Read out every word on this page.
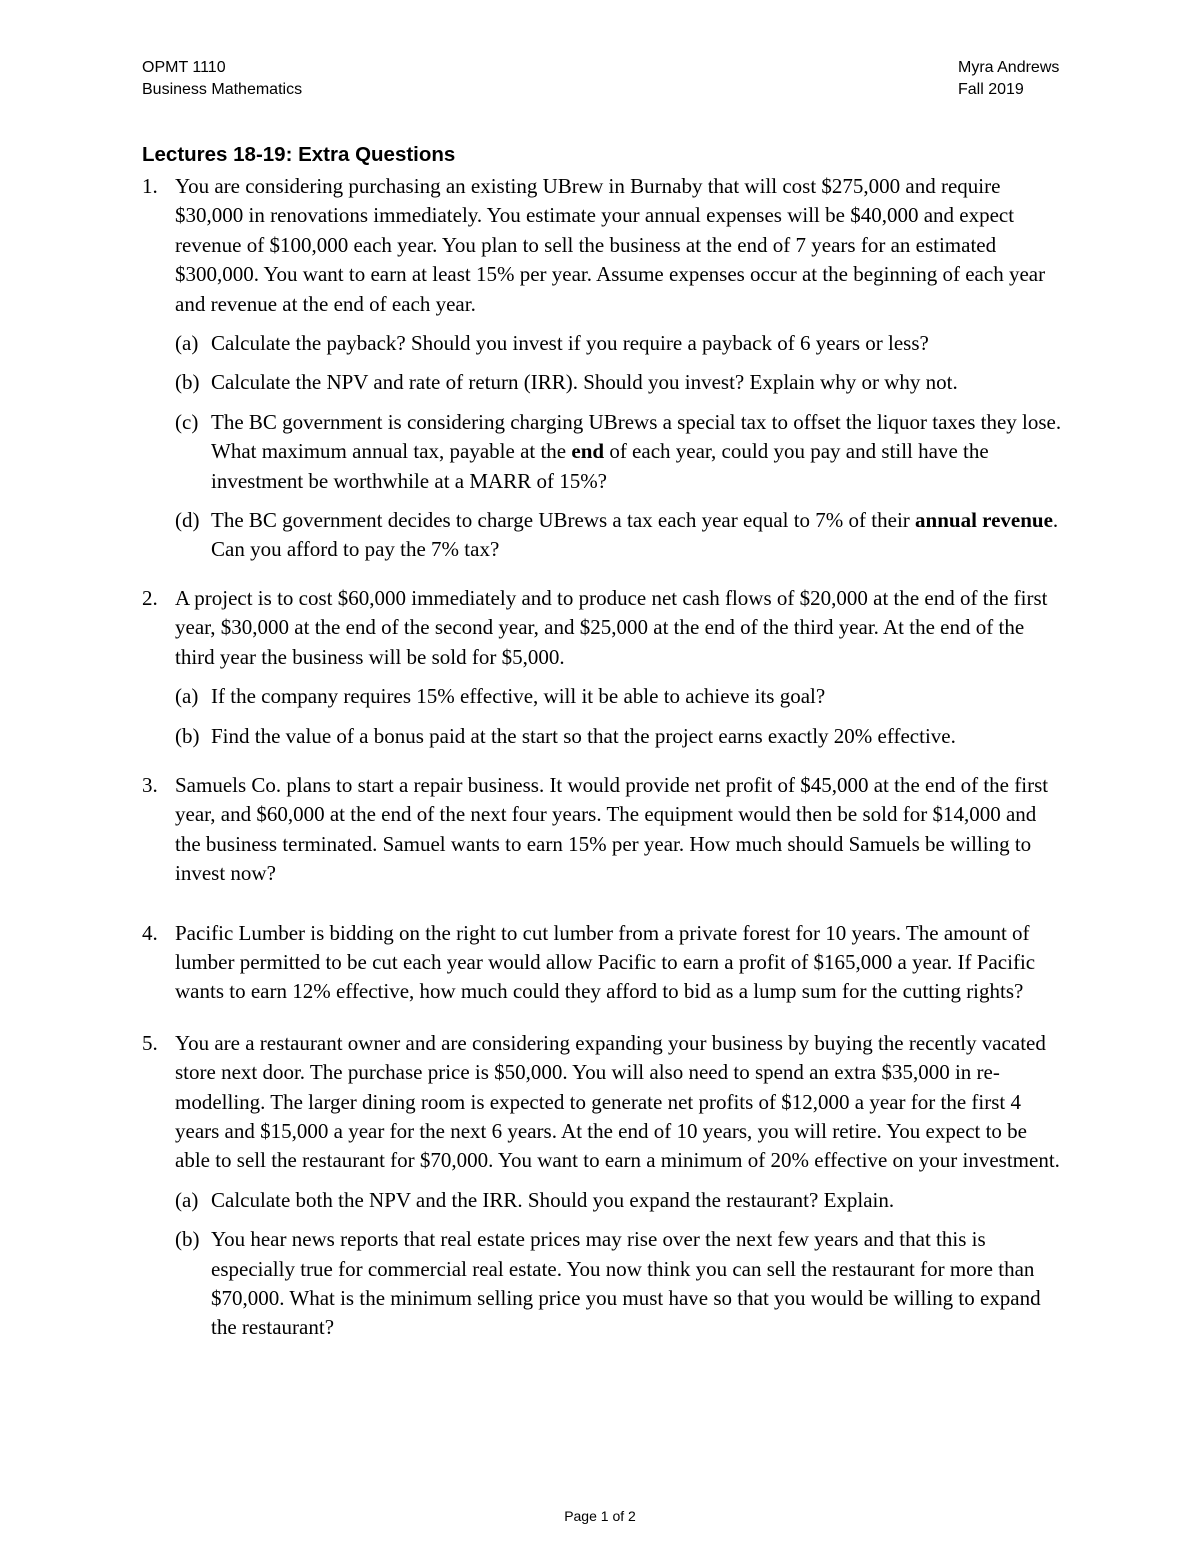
OPMT 1110
Business Mathematics
Myra Andrews
Fall 2019
Lectures 18-19: Extra Questions
1. You are considering purchasing an existing UBrew in Burnaby that will cost $275,000 and require $30,000 in renovations immediately. You estimate your annual expenses will be $40,000 and expect revenue of $100,000 each year. You plan to sell the business at the end of 7 years for an estimated $300,000. You want to earn at least 15% per year. Assume expenses occur at the beginning of each year and revenue at the end of each year.
(a) Calculate the payback? Should you invest if you require a payback of 6 years or less?
(b) Calculate the NPV and rate of return (IRR). Should you invest? Explain why or why not.
(c) The BC government is considering charging UBrews a special tax to offset the liquor taxes they lose. What maximum annual tax, payable at the end of each year, could you pay and still have the investment be worthwhile at a MARR of 15%?
(d) The BC government decides to charge UBrews a tax each year equal to 7% of their annual revenue. Can you afford to pay the 7% tax?
2. A project is to cost $60,000 immediately and to produce net cash flows of $20,000 at the end of the first year, $30,000 at the end of the second year, and $25,000 at the end of the third year. At the end of the third year the business will be sold for $5,000.
(a) If the company requires 15% effective, will it be able to achieve its goal?
(b) Find the value of a bonus paid at the start so that the project earns exactly 20% effective.
3. Samuels Co. plans to start a repair business. It would provide net profit of $45,000 at the end of the first year, and $60,000 at the end of the next four years. The equipment would then be sold for $14,000 and the business terminated. Samuel wants to earn 15% per year. How much should Samuels be willing to invest now?
4. Pacific Lumber is bidding on the right to cut lumber from a private forest for 10 years. The amount of lumber permitted to be cut each year would allow Pacific to earn a profit of $165,000 a year. If Pacific wants to earn 12% effective, how much could they afford to bid as a lump sum for the cutting rights?
5. You are a restaurant owner and are considering expanding your business by buying the recently vacated store next door. The purchase price is $50,000. You will also need to spend an extra $35,000 in re-modelling. The larger dining room is expected to generate net profits of $12,000 a year for the first 4 years and $15,000 a year for the next 6 years. At the end of 10 years, you will retire. You expect to be able to sell the restaurant for $70,000. You want to earn a minimum of 20% effective on your investment.
(a) Calculate both the NPV and the IRR. Should you expand the restaurant? Explain.
(b) You hear news reports that real estate prices may rise over the next few years and that this is especially true for commercial real estate. You now think you can sell the restaurant for more than $70,000. What is the minimum selling price you must have so that you would be willing to expand the restaurant?
Page 1 of 2
